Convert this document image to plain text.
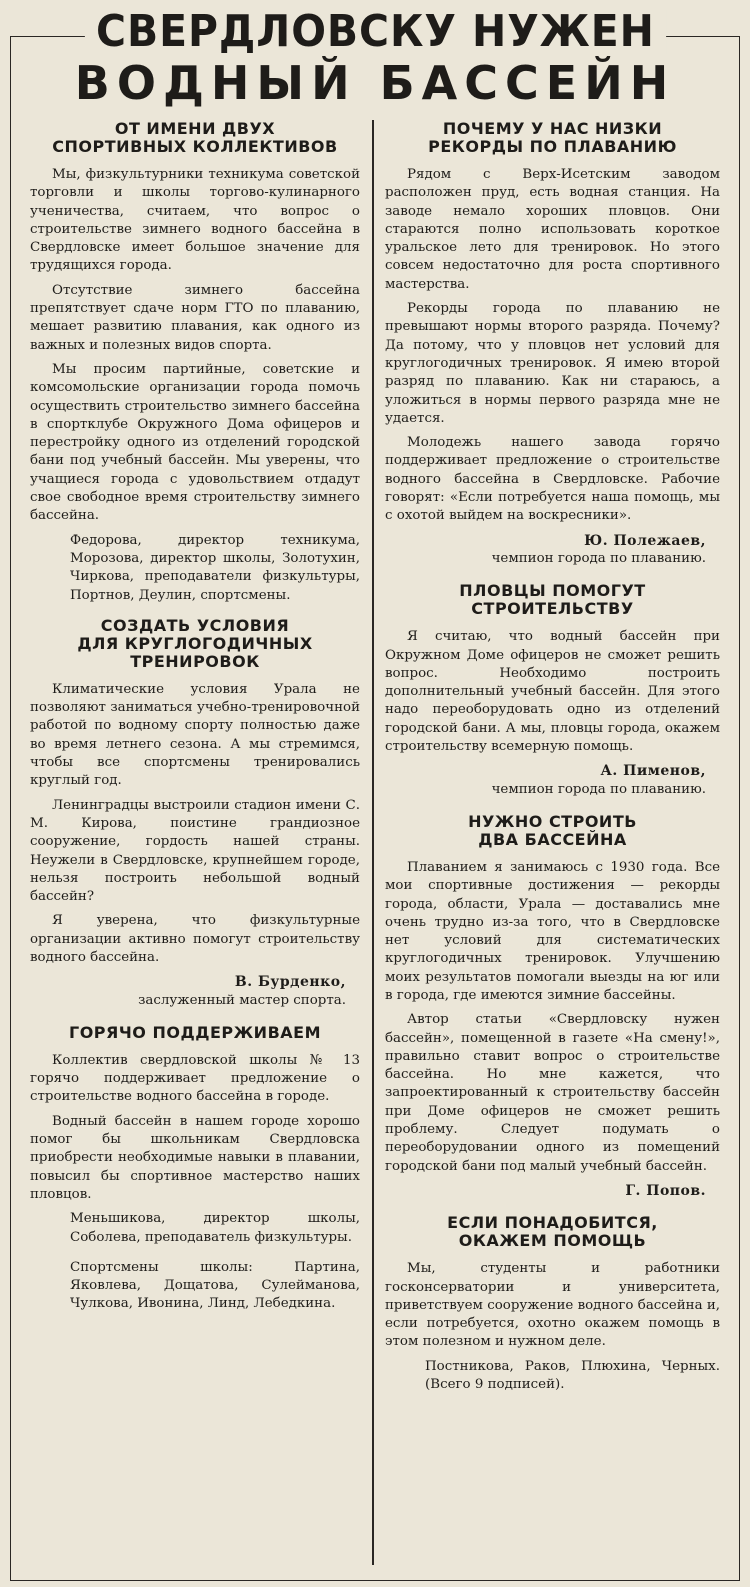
СВЕРДЛОВСКУ НУЖЕН
ВОДНЫЙ БАССЕЙН
ОТ ИМЕНИ ДВУХ
СПОРТИВНЫХ КОЛЛЕКТИВОВ

Мы, физкультурники техникума советской торговли и школы торгово-кулинарного ученичества, считаем, что вопрос о строительстве зимнего водного бассейна в Свердловске имеет большое значение для трудящихся города.

Отсутствие зимнего бассейна препятствует сдаче норм ГТО по плаванию, мешает развитию плавания, как одного из важных и полезных видов спорта.

Мы просим партийные, советские и комсомольские организации города помочь осуществить строительство зимнего бассейна в спортклубе Окружного Дома офицеров и перестройку одного из отделений городской бани под учебный бассейн. Мы уверены, что учащиеся города с удовольствием отдадут свое свободное время строительству зимнего бассейна.

Федорова, директор техникума, Морозова, директор школы, Золотухин, Чиркова, преподаватели физкультуры, Портнов, Деулин, спортсмены.
СОЗДАТЬ УСЛОВИЯ
ДЛЯ КРУГЛОГОДИЧНЫХ
ТРЕНИРОВОК

Климатические условия Урала не позволяют заниматься учебно-тренировочной работой по водному спорту полностью даже во время летнего сезона. А мы стремимся, чтобы все спортсмены тренировались круглый год.

Ленинградцы выстроили стадион имени С. М. Кирова, поистине грандиозное сооружение, гордость нашей страны. Неужели в Свердловске, крупнейшем городе, нельзя построить небольшой водный бассейн?

Я уверена, что физкультурные организации активно помогут строительству водного бассейна.

В. Бурденко,

заслуженный мастер спорта.

ГОРЯЧО ПОДДЕРЖИВАЕМ

Коллектив свердловской школы № 13 горячо поддерживает предложение о строительстве водного бассейна в городе.

Водный бассейн в нашем городе хорошо помог бы школьникам Свердловска приобрести необходимые навыки в плавании, повысил бы спортивное мастерство наших пловцов.

Меньшикова, директор школы, Соболева, преподаватель физкультуры.
Спортсмены школы: Партина, Яковлева, Дощатова, Сулейманова, Чулкова, Ивонина, Линд, Лебедкина.
ПОЧЕМУ У НАС НИЗКИ
РЕКОРДЫ ПО ПЛАВАНИЮ

Рядом с Верх-Исетским заводом расположен пруд, есть водная станция. На заводе немало хороших пловцов. Они стараются полно использовать короткое уральское лето для тренировок. Но этого совсем недостаточно для роста спортивного мастерства.

Рекорды города по плаванию не превышают нормы второго разряда. Почему? Да потому, что у пловцов нет условий для круглогодичных тренировок. Я имею второй разряд по плаванию. Как ни стараюсь, а уложиться в нормы первого разряда мне не удается.

Молодежь нашего завода горячо поддерживает предложение о строительстве водного бассейна в Свердловске. Рабочие говорят: «Если потребуется наша помощь, мы с охотой выйдем на воскресники».

Ю. Полежаев,

чемпион города по плаванию.

ПЛОВЦЫ ПОМОГУТ
СТРОИТЕЛЬСТВУ

Я считаю, что водный бассейн при Окружном Доме офицеров не сможет решить вопрос. Необходимо построить дополнительный учебный бассейн. Для этого надо переоборудовать одно из отделений городской бани. А мы, пловцы города, окажем строительству всемерную помощь.

А. Пименов,

чемпион города по плаванию.

НУЖНО СТРОИТЬ
ДВА БАССЕЙНА

Плаванием я занимаюсь с 1930 года. Все мои спортивные достижения — рекорды города, области, Урала — доставались мне очень трудно из-за того, что в Свердловске нет условий для систематических круглогодичных тренировок. Улучшению моих результатов помогали выезды на юг или в города, где имеются зимние бассейны.

Автор статьи «Свердловску нужен бассейн», помещенной в газете «На смену!», правильно ставит вопрос о строительстве бассейна. Но мне кажется, что запроектированный к строительству бассейн при Доме офицеров не сможет решить проблему. Следует подумать о переоборудовании одного из помещений городской бани под малый учебный бассейн.

Г. Попов.

ЕСЛИ ПОНАДОБИТСЯ,
ОКАЖЕМ ПОМОЩЬ

Мы, студенты и работники госконсерватории и университета, приветствуем сооружение водного бассейна и, если потребуется, охотно окажем помощь в этом полезном и нужном деле.

Постникова, Раков, Плюхина, Черных. (Всего 9 подписей).
